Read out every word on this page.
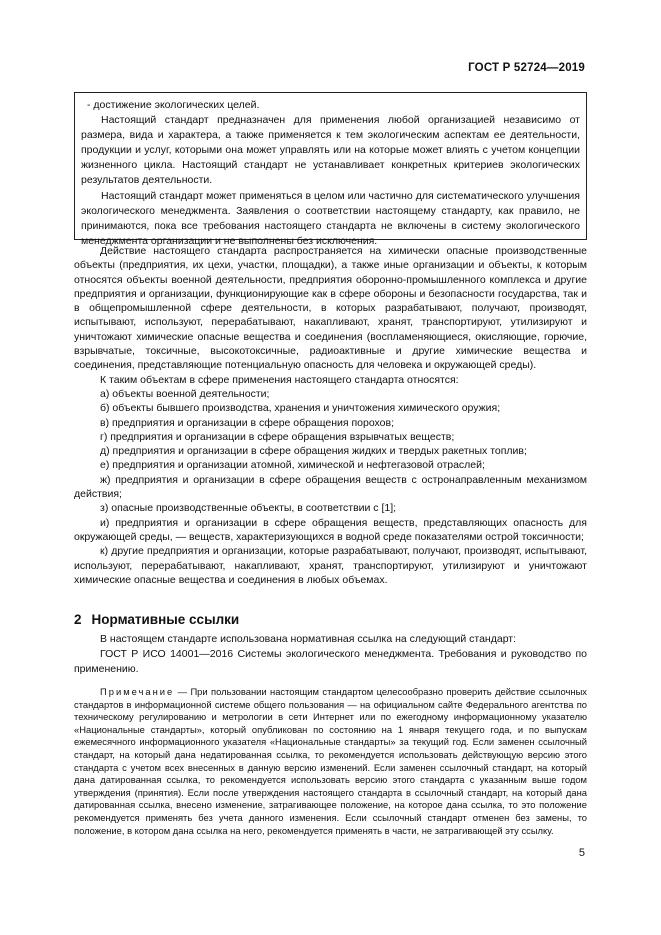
ГОСТ Р 52724—2019

- достижение экологических целей.

Настоящий стандарт предназначен для применения любой организацией независимо от размера, вида и характера, а также применяется к тем экологическим аспектам ее деятельности, продукции и услуг, которыми она может управлять или на которые может влиять с учетом концепции жизненного цикла. Настоящий стандарт не устанавливает конкретных критериев экологических результатов деятельности.

Настоящий стандарт может применяться в целом или частично для систематического улучшения экологического менеджмента. Заявления о соответствии настоящему стандарту, как правило, не принимаются, пока все требования настоящего стандарта не включены в систему экологического менеджмента организации и не выполнены без исключения.

Действие настоящего стандарта распространяется на химически опасные производственные объекты (предприятия, их цехи, участки, площадки), а также иные организации и объекты, к которым относятся объекты военной деятельности, предприятия оборонно-промышленного комплекса и другие предприятия и организации, функционирующие как в сфере обороны и безопасности государства, так и в общепромышленной сфере деятельности, в которых разрабатывают, получают, производят, испытывают, используют, перерабатывают, накапливают, хранят, транспортируют, утилизируют и уничтожают химические опасные вещества и соединения (воспламеняющиеся, окисляющие, горючие, взрывчатые, токсичные, высокотоксичные, радиоактивные и другие химические вещества и соединения, представляющие потенциальную опасность для человека и окружающей среды).

К таким объектам в сфере применения настоящего стандарта относятся:

а) объекты военной деятельности;

б) объекты бывшего производства, хранения и уничтожения химического оружия;

в) предприятия и организации в сфере обращения порохов;

г) предприятия и организации в сфере обращения взрывчатых веществ;

д) предприятия и организации в сфере обращения жидких и твердых ракетных топлив;

е) предприятия и организации атомной, химической и нефтегазовой отраслей;

ж) предприятия и организации в сфере обращения веществ с остронаправленным механизмом действия;

з) опасные производственные объекты, в соответствии с [1];

и) предприятия и организации в сфере обращения веществ, представляющих опасность для окружающей среды, — веществ, характеризующихся в водной среде показателями острой токсичности;

к) другие предприятия и организации, которые разрабатывают, получают, производят, испытывают, используют, перерабатывают, накапливают, хранят, транспортируют, утилизируют и уничтожают химические опасные вещества и соединения в любых объемах.

2 Нормативные ссылки

В настоящем стандарте использована нормативная ссылка на следующий стандарт:

ГОСТ Р ИСО 14001—2016 Системы экологического менеджмента. Требования и руководство по применению.

Примечание — При пользовании настоящим стандартом целесообразно проверить действие ссылочных стандартов в информационной системе общего пользования — на официальном сайте Федерального агентства по техническому регулированию и метрологии в сети Интернет или по ежегодному информационному указателю «Национальные стандарты», который опубликован по состоянию на 1 января текущего года, и по выпускам ежемесячного информационного указателя «Национальные стандарты» за текущий год. Если заменен ссылочный стандарт, на который дана недатированная ссылка, то рекомендуется использовать действующую версию этого стандарта с учетом всех внесенных в данную версию изменений. Если заменен ссылочный стандарт, на который дана датированная ссылка, то рекомендуется использовать версию этого стандарта с указанным выше годом утверждения (принятия). Если после утверждения настоящего стандарта в ссылочный стандарт, на который дана датированная ссылка, внесено изменение, затрагивающее положение, на которое дана ссылка, то это положение рекомендуется применять без учета данного изменения. Если ссылочный стандарт отменен без замены, то положение, в котором дана ссылка на него, рекомендуется применять в части, не затрагивающей эту ссылку.

5
